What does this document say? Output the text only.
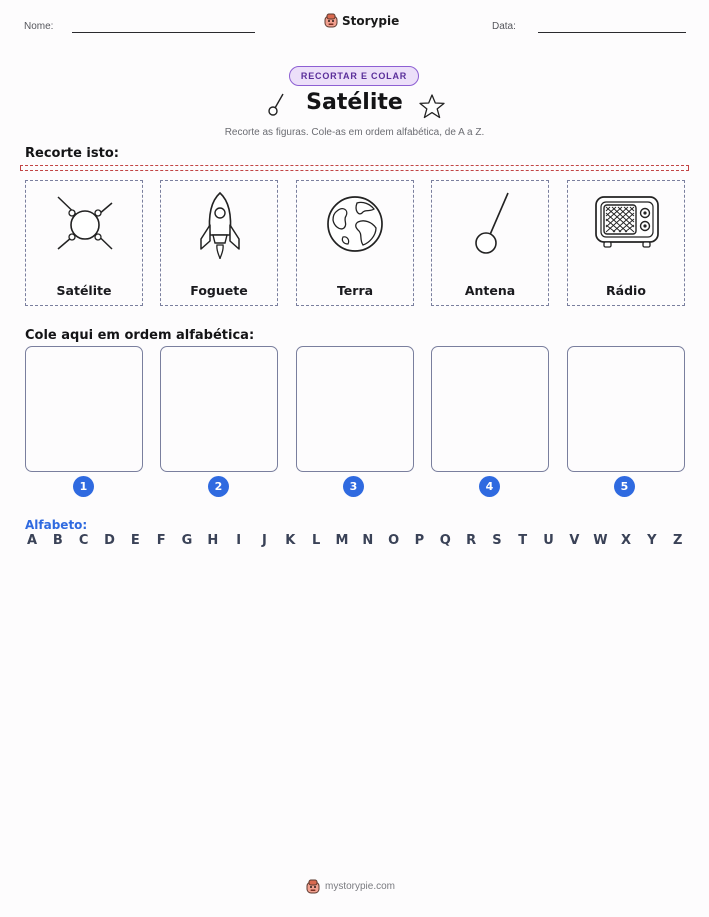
Nome:	Storypie	Data:
RECORTAR E COLAR
Satélite
Recorte as figuras. Cole-as em ordem alfabética, de A a Z.
Recorte isto:
Satélite	Foguete	Terra	Antena	Rádio
Cole aqui em ordem alfabética:
1	2	3	4	5
Alfabeto:
A B C D E F G H	I	J	K L M N O P Q R S T U V W X Y Z
mystorypie.com
